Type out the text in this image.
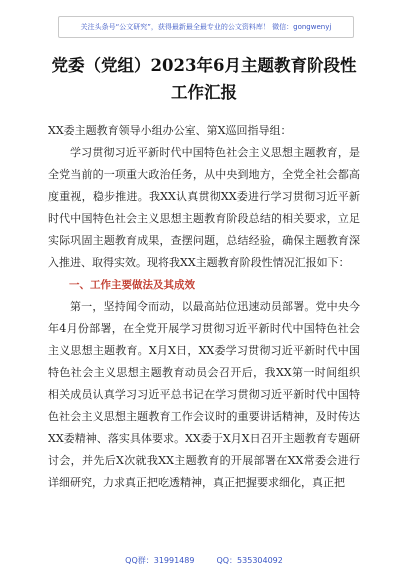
关注头条号“公文研究”，获得最新最全最专业的公文资料库！ 微信：gongwenyj
党委（党组）2023年6月主题教育阶段性工作汇报

XX委主题教育领导小组办公室、第X巡回指导组：

学习贯彻习近平新时代中国特色社会主义思想主题教育，是全党当前的一项重大政治任务，从中央到地方，全党全社会都高度重视，稳步推进。我XX认真贯彻XX委进行学习贯彻习近平新时代中国特色社会主义思想主题教育阶段总结的相关要求，立足实际巩固主题教育成果，查摆问题，总结经验，确保主题教育深入推进、取得实效。现将我XX主题教育阶段性情况汇报如下：

一、工作主要做法及其成效

第一，坚持闻令而动，以最高站位迅速动员部署。党中央今年4月份部署，在全党开展学习贯彻习近平新时代中国特色社会主义思想主题教育。X月X日，XX委学习贯彻习近平新时代中国特色社会主义思想主题教育动员会召开后，我XX第一时间组织相关成员认真学习习近平总书记在学习贯彻习近平新时代中国特色社会主义思想主题教育工作会议时的重要讲话精神，及时传达XX委精神、落实具体要求。XX委于X月X日召开主题教育专题研讨会，并先后X次就我XX主题教育的开展部署在XX常委会进行详细研究，力求真正把吃透精神，真正把握要求细化，真正把

QQ群：31991489	QQ：535304092
